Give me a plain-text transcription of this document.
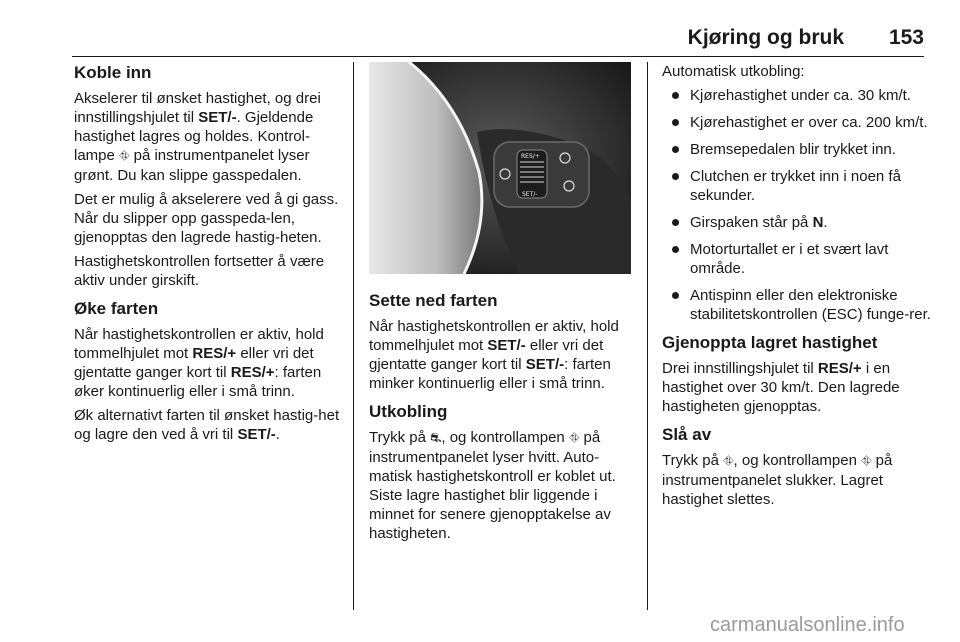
Kjøring og bruk 153
Koble inn

Akselerer til ønsket hastighet, og drei innstillingshjulet til SET/-. Gjeldende hastighet lagres og holdes. Kontrol-lampe ⛗ på instrumentpanelet lyser grønt. Du kan slippe gasspedalen.

Det er mulig å akselerere ved å gi gass. Når du slipper opp gasspeda-len, gjenopptas den lagrede hastig-heten.

Hastighetskontrollen fortsetter å være aktiv under girskift.

Øke farten

Når hastighetskontrollen er aktiv, hold tommelhjulet mot RES/+ eller vri det gjentatte ganger kort til RES/+: farten øker kontinuerlig eller i små trinn.

Øk alternativt farten til ønsket hastig-het og lagre den ved å vri til SET/-.

RES/+
SET/-
Sette ned farten

Når hastighetskontrollen er aktiv, hold tommelhjulet mot SET/- eller vri det gjentatte ganger kort til SET/-: farten minker kontinuerlig eller i små trinn.

Utkobling

Trykk på ⛐, og kontrollampen ⛗ på instrumentpanelet lyser hvitt. Auto-matisk hastighetskontroll er koblet ut. Siste lagre hastighet blir liggende i minnet for senere gjenopptakelse av hastigheten.

Automatisk utkobling:

Kjørehastighet under ca. 30 km/t.
Kjørehastighet er over ca. 200 km/t.
Bremsepedalen blir trykket inn.
Clutchen er trykket inn i noen få sekunder.
Girspaken står på N.
Motorturtallet er i et svært lavt område.
Antispinn eller den elektroniske stabilitetskontrollen (ESC) funge-rer.
Gjenoppta lagret hastighet

Drei innstillingshjulet til RES/+ i en hastighet over 30 km/t. Den lagrede hastigheten gjenopptas.

Slå av

Trykk på ⛗, og kontrollampen ⛗ på instrumentpanelet slukker. Lagret hastighet slettes.

carmanualsonline.info
